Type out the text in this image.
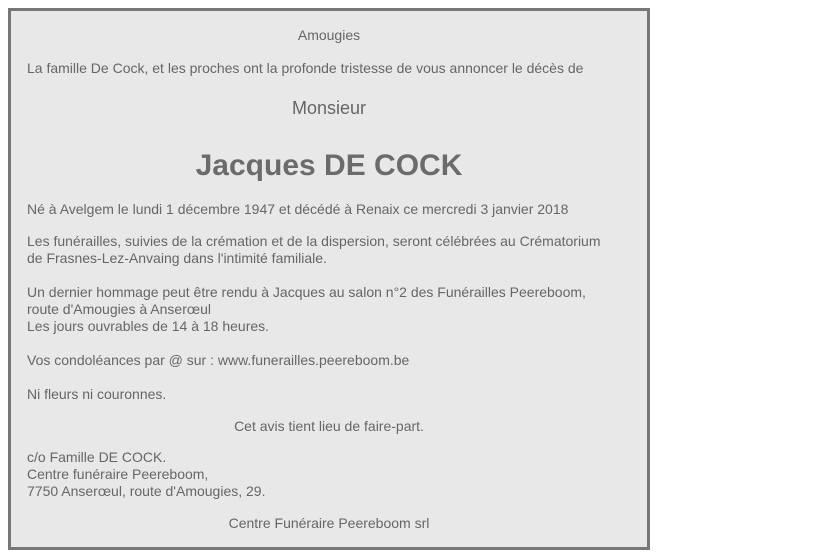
Amougies
La famille De Cock, et les proches ont la profonde tristesse de vous annoncer le décès de
Monsieur
Jacques DE COCK
Né à Avelgem le lundi 1 décembre 1947 et décédé à Renaix ce mercredi 3 janvier 2018
Les funérailles, suivies de la crémation et de la dispersion, seront célébrées au Crématorium
de Frasnes-Lez-Anvaing dans l'intimité familiale.
Un dernier hommage peut être rendu à Jacques au salon n°2 des Funérailles Peereboom,
route d'Amougies à Anserœul
Les jours ouvrables de 14 à 18 heures.
Vos condoléances par @ sur : www.funerailles.peereboom.be
Ni fleurs ni couronnes.
Cet avis tient lieu de faire-part.
c/o Famille DE COCK.
Centre funéraire Peereboom,
7750 Anserœul, route d'Amougies, 29.
Centre Funéraire Peereboom srl
